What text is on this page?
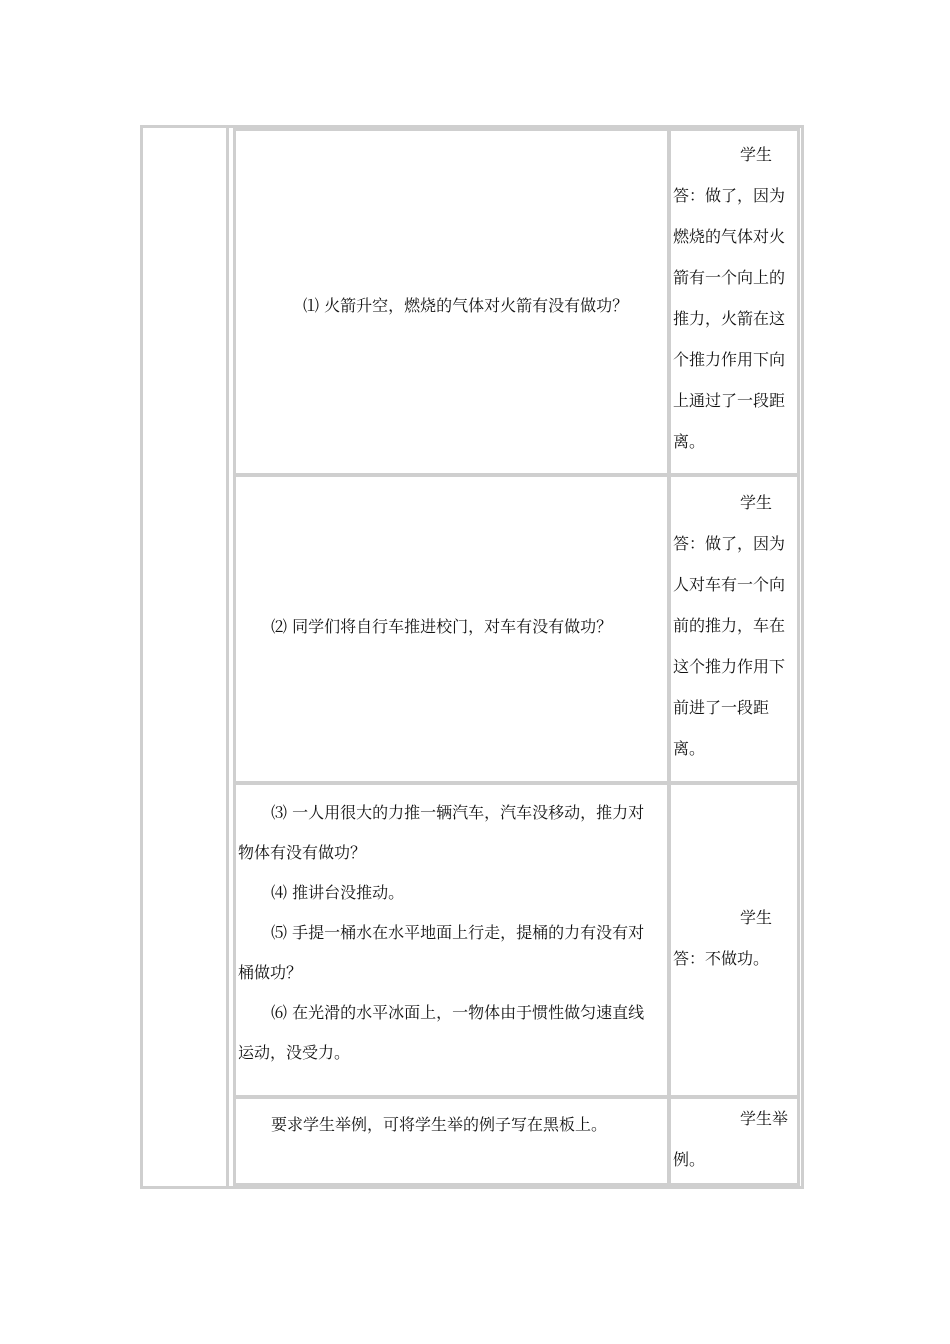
⑴ 火箭升空，燃烧的气体对火箭有没有做功？
学生
答：做了，因为
燃烧的气体对火
箭有一个向上的
推力，火箭在这
个推力作用下向
上通过了一段距
离。
⑵ 同学们将自行车推进校门，对车有没有做功？
学生
答：做了，因为
人对车有一个向
前的推力，车在
这个推力作用下
前进了一段距
离。
⑶ 一人用很大的力推一辆汽车，汽车没移动，推力对
物体有没有做功？
⑷ 推讲台没推动。
⑸ 手提一桶水在水平地面上行走，提桶的力有没有对
桶做功？
⑹ 在光滑的水平冰面上，一物体由于惯性做匀速直线
运动，没受力。
学生
答：不做功。
要求学生举例，可将学生举的例子写在黑板上。	学生举
例。
